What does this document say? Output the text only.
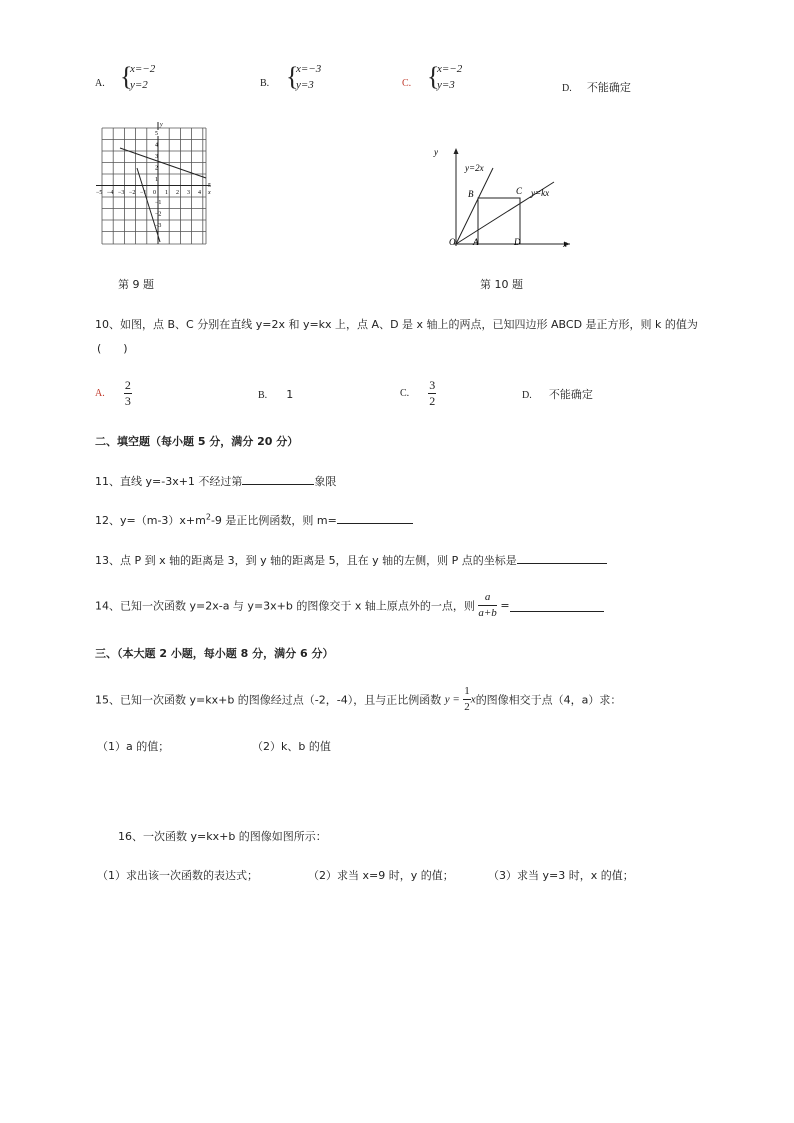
A. {
x=−2
y=2	B. {
x=−3
y=3	C. {
x=−2
y=3	D. 不能确定
5
4
3
2
1
−1
−2
−3
y
x
−5 −4 −3 −2 −1 0 1 2 3 4
5
第 9 题
y
x
y=2x
y=kx
O A
B	C
D
第 10 题
10、如图，点 B、C 分别在直线 y=2x 和 y=kx 上，点 A、D 是 x 轴上的两点，已知四边形 ABCD 是正方形，则 k 的值为
(　　)
A. $\frac{2}{3}$	B. 1	C. $\frac{3}{2}$	D. 不能确定
二、填空题（每小题 5 分，满分 20 分）
11、直线 y=-3x+1 不经过第	象限
12、$y=(m-3)x+m^2-9$ 是正比例函数，则 m=
13、点 P 到 x 轴的距离是 3，到 y 轴的距离是 5，且在 y 轴的左侧，则 P 点的坐标是
14、已知一次函数 y=2x-a 与 y=3x+b 的图像交于 x 轴上原点外的一点，则 $\frac{a}{a+b}$ =
三、（本大题 2 小题，每小题 8 分，满分 6 分）
15、已知一次函数 y=kx+b 的图像经过点（-2，-4），且与正比例函数 $y = \frac{1}{2}$ x的图像相交于点（4，a）求：
（1）a 的值；	（2）k、b 的值
16、一次函数 y=kx+b 的图像如图所示：
（1）求出该一次函数的表达式；	（2）求当 x=9 时，y 的值；	（3）求当 y=3 时，x 的值；
